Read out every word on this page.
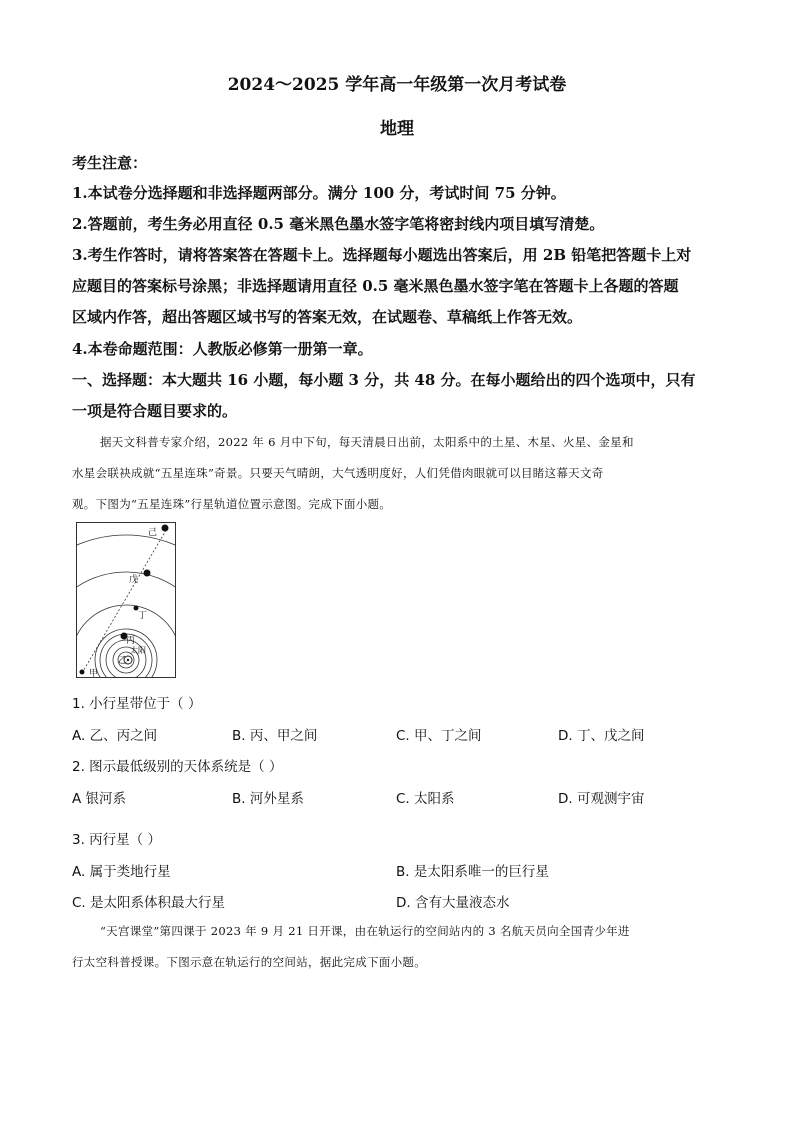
2024～2025 学年高一年级第一次月考试卷
地理
考生注意：
1.本试卷分选择题和非选择题两部分。满分 100 分，考试时间 75 分钟。
2.答题前，考生务必用直径 0.5 毫米黑色墨水签字笔将密封线内项目填写清楚。
3.考生作答时，请将答案答在答题卡上。选择题每小题选出答案后，用 2B 铅笔把答题卡上对
应题目的答案标号涂黑；非选择题请用直径 0.5 毫米黑色墨水签字笔在答题卡上各题的答题
区域内作答，超出答题区域书写的答案无效，在试题卷、草稿纸上作答无效。
4.本卷命题范围：人教版必修第一册第一章。
一、选择题：本大题共 16 小题，每小题 3 分，共 48 分。在每小题给出的四个选项中，只有
一项是符合题目要求的。
据天文科普专家介绍，2022 年 6 月中下旬，每天清晨日出前，太阳系中的土星、木星、火星、金星和
水星会联袂成就“五星连珠”奇景。只要天气晴朗，大气透明度好，人们凭借肉眼就可以目睹这幕天文奇
观。下图为“五星连珠”行星轨道位置示意图。完成下面小题。
己
戊
丁
丙
太阳
乙
甲
1. 小行星带位于（ ）
A. 乙、丙之间	B. 丙、甲之间	C. 甲、丁之间	D. 丁、戊之间
2. 图示最低级别的天体系统是（ ）
A 银河系	B. 河外星系	C. 太阳系	D. 可观测宇宙
3. 丙行星（ ）
A. 属于类地行星	B. 是太阳系唯一的巨行星
C. 是太阳系体积最大行星	D. 含有大量液态水
“天宫课堂”第四课于 2023 年 9 月 21 日开课，由在轨运行的空间站内的 3 名航天员向全国青少年进
行太空科普授课。下图示意在轨运行的空间站，据此完成下面小题。
